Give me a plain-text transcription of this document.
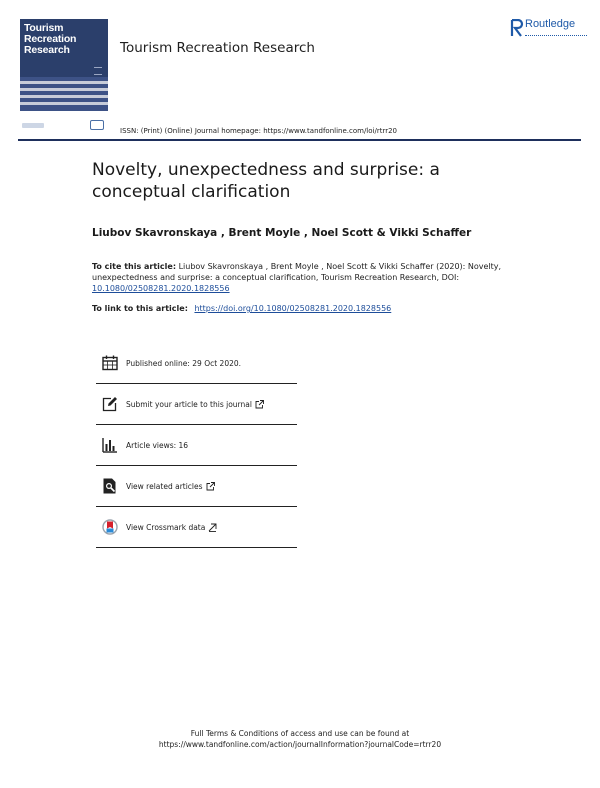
Tourism
Recreation
Research	Tourism Recreation Research
Routledge
ISSN: (Print) (Online) Journal homepage: https://www.tandfonline.com/loi/rtrr20
Novelty, unexpectedness and surprise: a conceptual clarification
Liubov Skavronskaya , Brent Moyle , Noel Scott & Vikki Schaffer
To cite this article: Liubov Skavronskaya , Brent Moyle , Noel Scott & Vikki Schaffer (2020): Novelty, unexpectedness and surprise: a conceptual clarification, Tourism Recreation Research, DOI: 10.1080/02508281.2020.1828556
To link to this article: https://doi.org/10.1080/02508281.2020.1828556
Published online: 29 Oct 2020.
Submit your article to this journal
Article views: 16
View related articles
View Crossmark data
Full Terms & Conditions of access and use can be found at
https://www.tandfonline.com/action/journalInformation?journalCode=rtrr20
